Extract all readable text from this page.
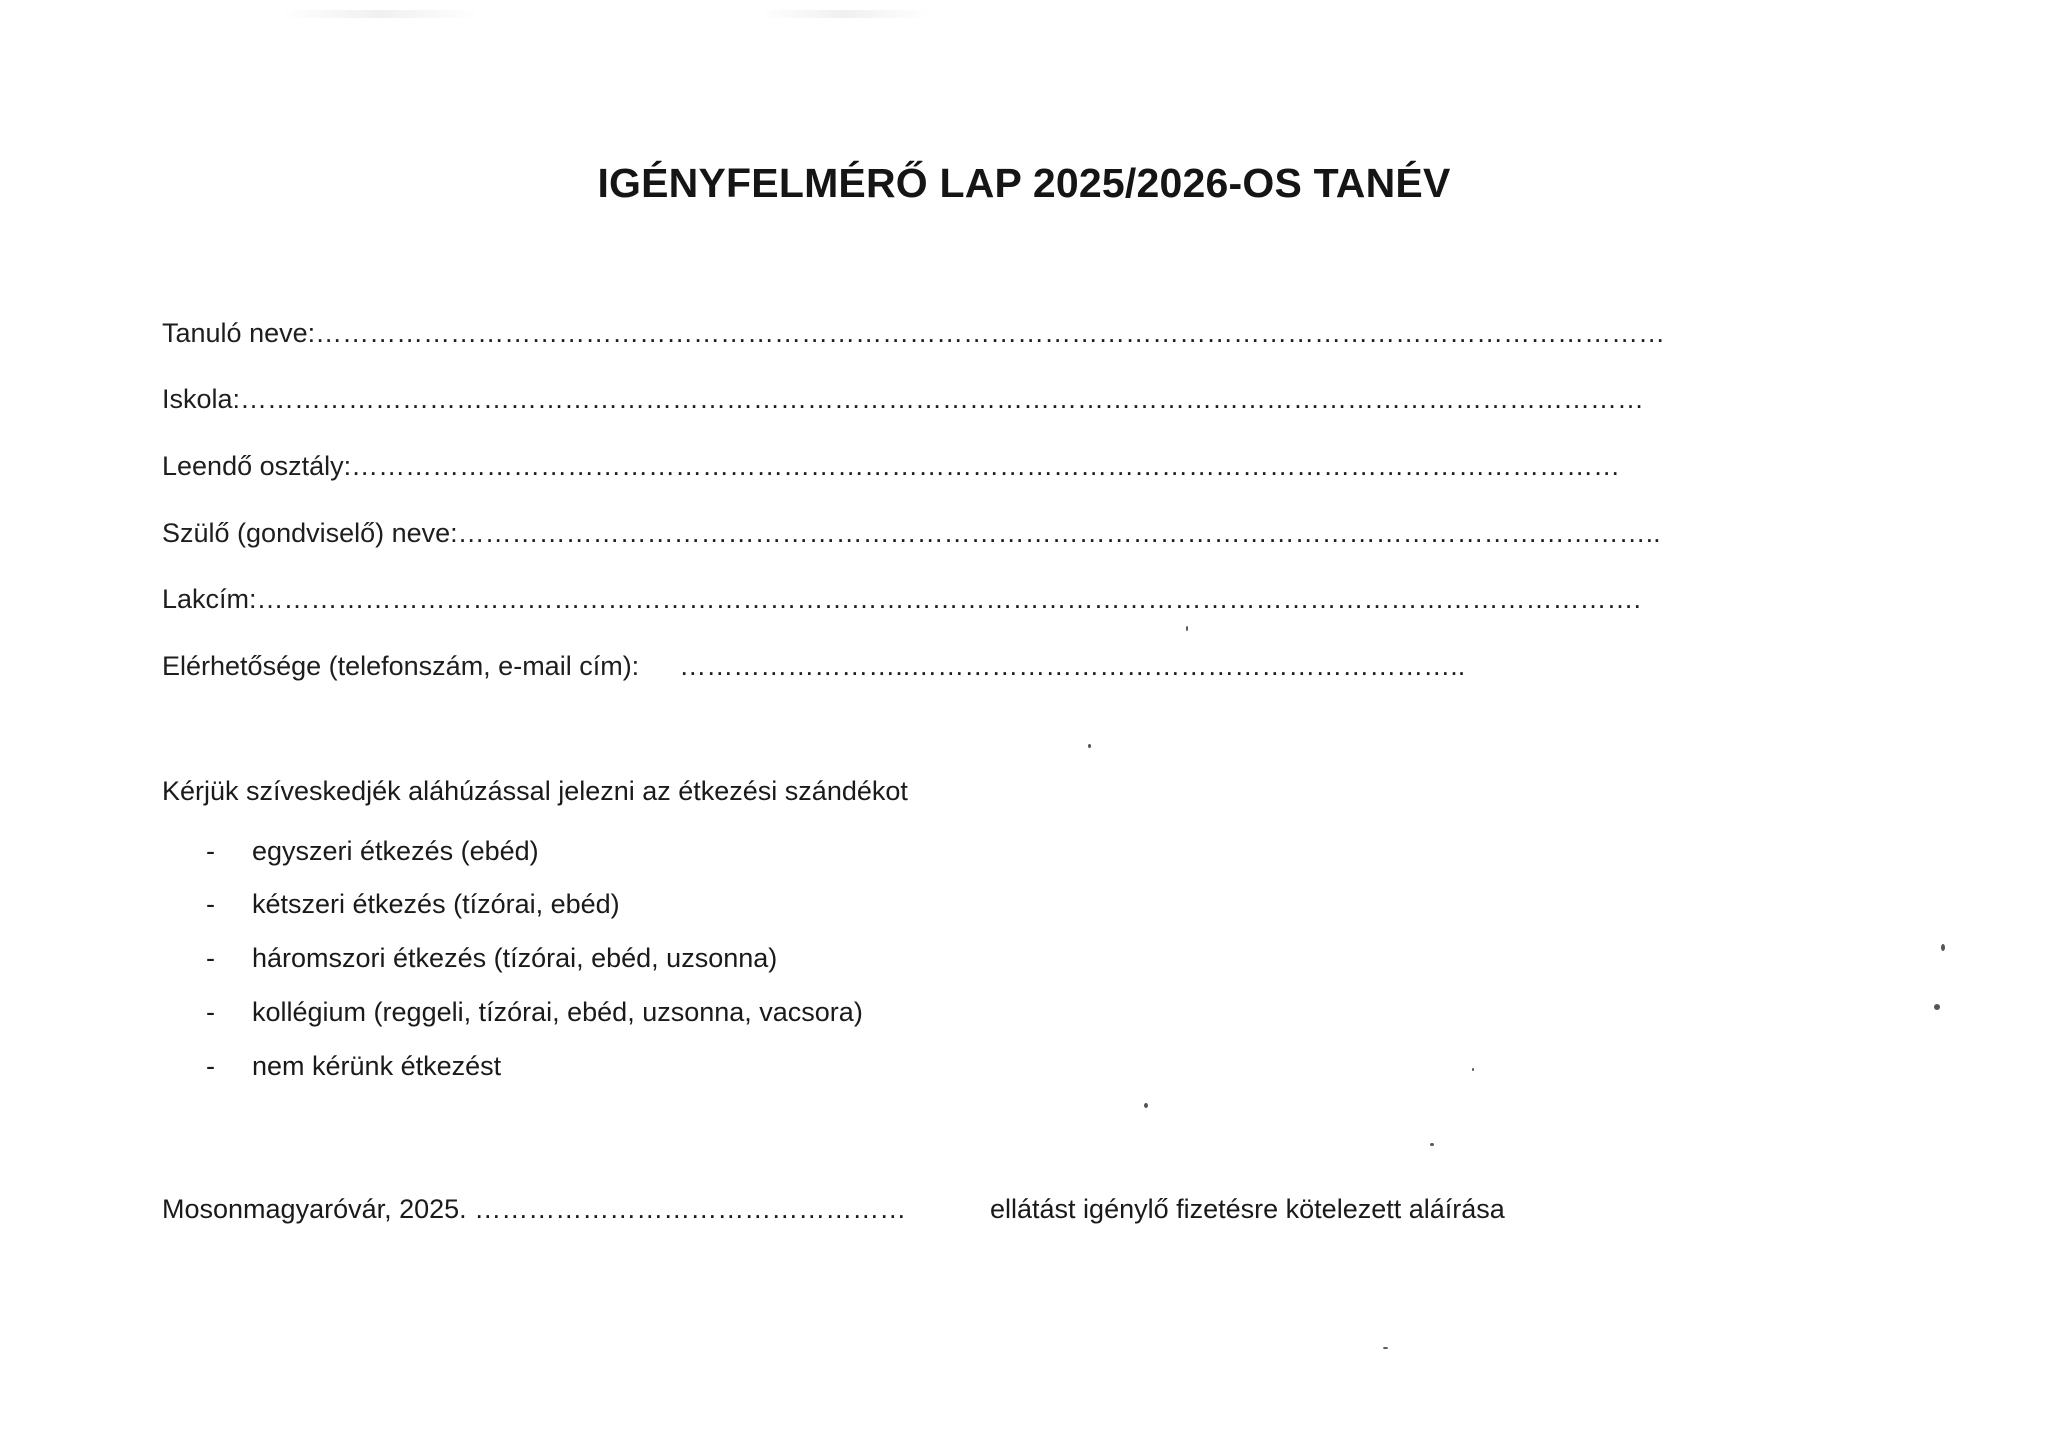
IGÉNYFELMÉRŐ LAP 2025/2026-OS TANÉV
Tanuló neve:……………………………………………………………………………………………………………………………………
Iskola:…………………………………………………………………………………………………………………………………………
Leendő osztály:……………………………………………………………………………………………………………………………
Szülő (gondviselő) neve:……………………………………………………………………………………………………………………..
Lakcím:……………………………………………………………………………………………………………………………………….
Elérhetősége (telefonszám, e-mail cím): ……………………..……………………………………………………..
Kérjük szíveskedjék aláhúzással jelezni az étkezési szándékot
- egyszeri étkezés (ebéd)
- kétszeri étkezés (tízórai, ebéd)
- háromszori étkezés (tízórai, ebéd, uzsonna)
- kollégium (reggeli, tízórai, ebéd, uzsonna, vacsora)
- nem kérünk étkezést
Mosonmagyaróvár, 2025. …………………………………………	ellátást igénylő fizetésre kötelezett aláírása
